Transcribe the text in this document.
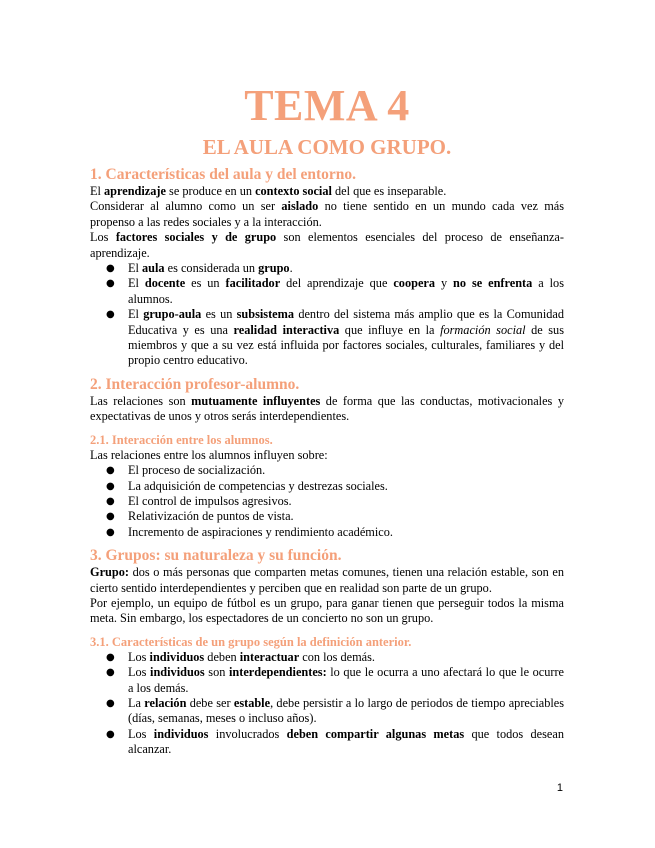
TEMA 4
EL AULA COMO GRUPO.
1. Características del aula y del entorno.

El aprendizaje se produce en un contexto social del que es inseparable.

Considerar al alumno como un ser aislado no tiene sentido en un mundo cada vez más propenso a las redes sociales y a la interacción.

Los factores sociales y de grupo son elementos esenciales del proceso de enseñanza-aprendizaje.

● El aula es considerada un grupo.
● El docente es un facilitador del aprendizaje que coopera y no se enfrenta a los alumnos.
● El grupo-aula es un subsistema dentro del sistema más amplio que es la Comunidad Educativa y es una realidad interactiva que influye en la formación social de sus miembros y que a su vez está influida por factores sociales, culturales, familiares y del propio centro educativo.
2. Interacción profesor-alumno.

Las relaciones son mutuamente influyentes de forma que las conductas, motivacionales y expectativas de unos y otros serás interdependientes.

2.1. Interacción entre los alumnos.

Las relaciones entre los alumnos influyen sobre:

● El proceso de socialización.
● La adquisición de competencias y destrezas sociales.
● El control de impulsos agresivos.
● Relativización de puntos de vista.
● Incremento de aspiraciones y rendimiento académico.
3. Grupos: su naturaleza y su función.

Grupo: dos o más personas que comparten metas comunes, tienen una relación estable, son en cierto sentido interdependientes y perciben que en realidad son parte de un grupo.

Por ejemplo, un equipo de fútbol es un grupo, para ganar tienen que perseguir todos la misma meta. Sin embargo, los espectadores de un concierto no son un grupo.

3.1. Características de un grupo según la definición anterior.
● Los individuos deben interactuar con los demás.
● Los individuos son interdependientes: lo que le ocurra a uno afectará lo que le ocurre a los demás.
● La relación debe ser estable, debe persistir a lo largo de periodos de tiempo apreciables (días, semanas, meses o incluso años).
● Los individuos involucrados deben compartir algunas metas que todos desean alcanzar.
1
